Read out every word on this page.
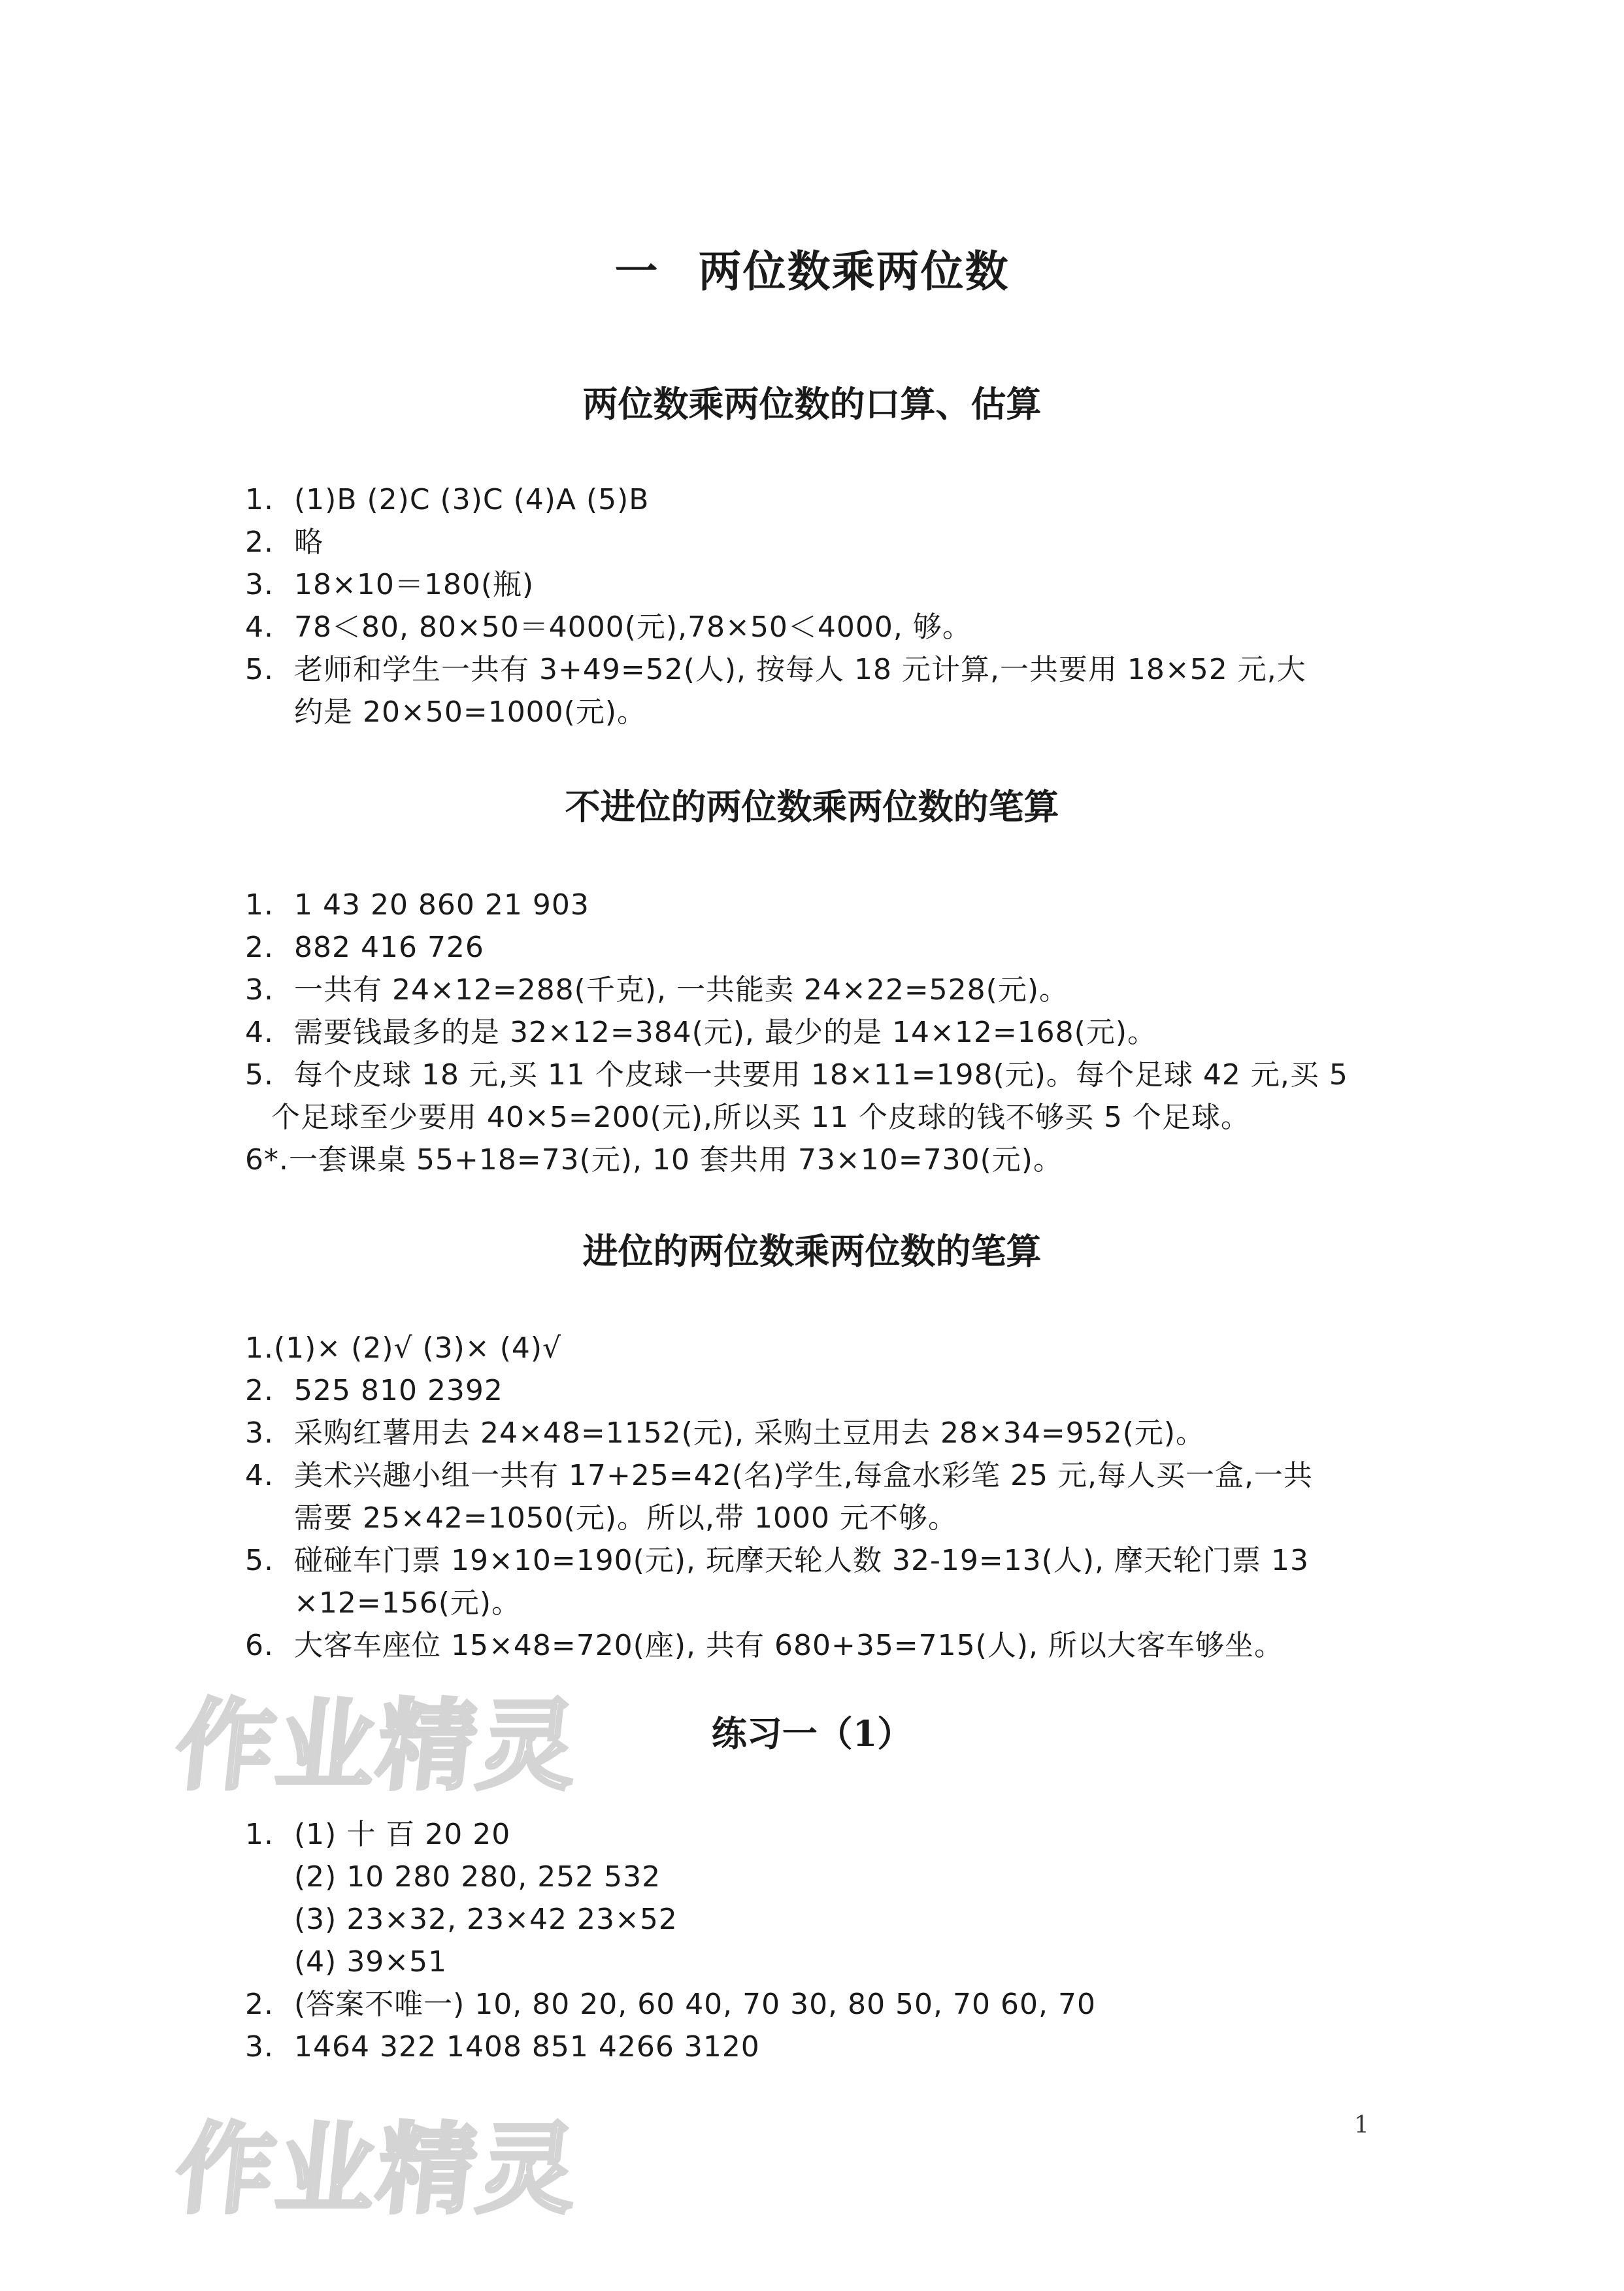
一 两位数乘两位数
两位数乘两位数的口算、估算
1. (1)B (2)C (3)C (4)A (5)B
2. 略
3. 18×10＝180(瓶)
4. 78＜80, 80×50＝4000(元),78×50＜4000, 够。
5. 老师和学生一共有 3+49=52(人), 按每人 18 元计算,一共要用 18×52 元,大
约是 20×50=1000(元)。
不进位的两位数乘两位数的笔算
1. 1 43 20 860 21 903
2. 882 416 726
3. 一共有 24×12=288(千克), 一共能卖 24×22=528(元)。
4. 需要钱最多的是 32×12=384(元), 最少的是 14×12=168(元)。
5. 每个皮球 18 元,买 11 个皮球一共要用 18×11=198(元)。每个足球 42 元,买 5
个足球至少要用 40×5=200(元),所以买 11 个皮球的钱不够买 5 个足球。
6*.一套课桌 55+18=73(元), 10 套共用 73×10=730(元)。
进位的两位数乘两位数的笔算
1.(1)× (2)√ (3)× (4)√
2. 525 810 2392
3. 采购红薯用去 24×48=1152(元), 采购土豆用去 28×34=952(元)。
4. 美术兴趣小组一共有 17+25=42(名)学生,每盒水彩笔 25 元,每人买一盒,一共
需要 25×42=1050(元)。所以,带 1000 元不够。
5. 碰碰车门票 19×10=190(元), 玩摩天轮人数 32-19=13(人), 摩天轮门票 13
×12=156(元)。
6. 大客车座位 15×48=720(座), 共有 680+35=715(人), 所以大客车够坐。
作业精灵	练习一（1）
1. (1) 十 百 20 20
(2) 10 280 280, 252 532
(3) 23×32, 23×42 23×52
(4) 39×51
2. (答案不唯一) 10, 80 20, 60 40, 70 30, 80 50, 70 60, 70
3. 1464 322 1408 851 4266 3120
作业精灵	1
